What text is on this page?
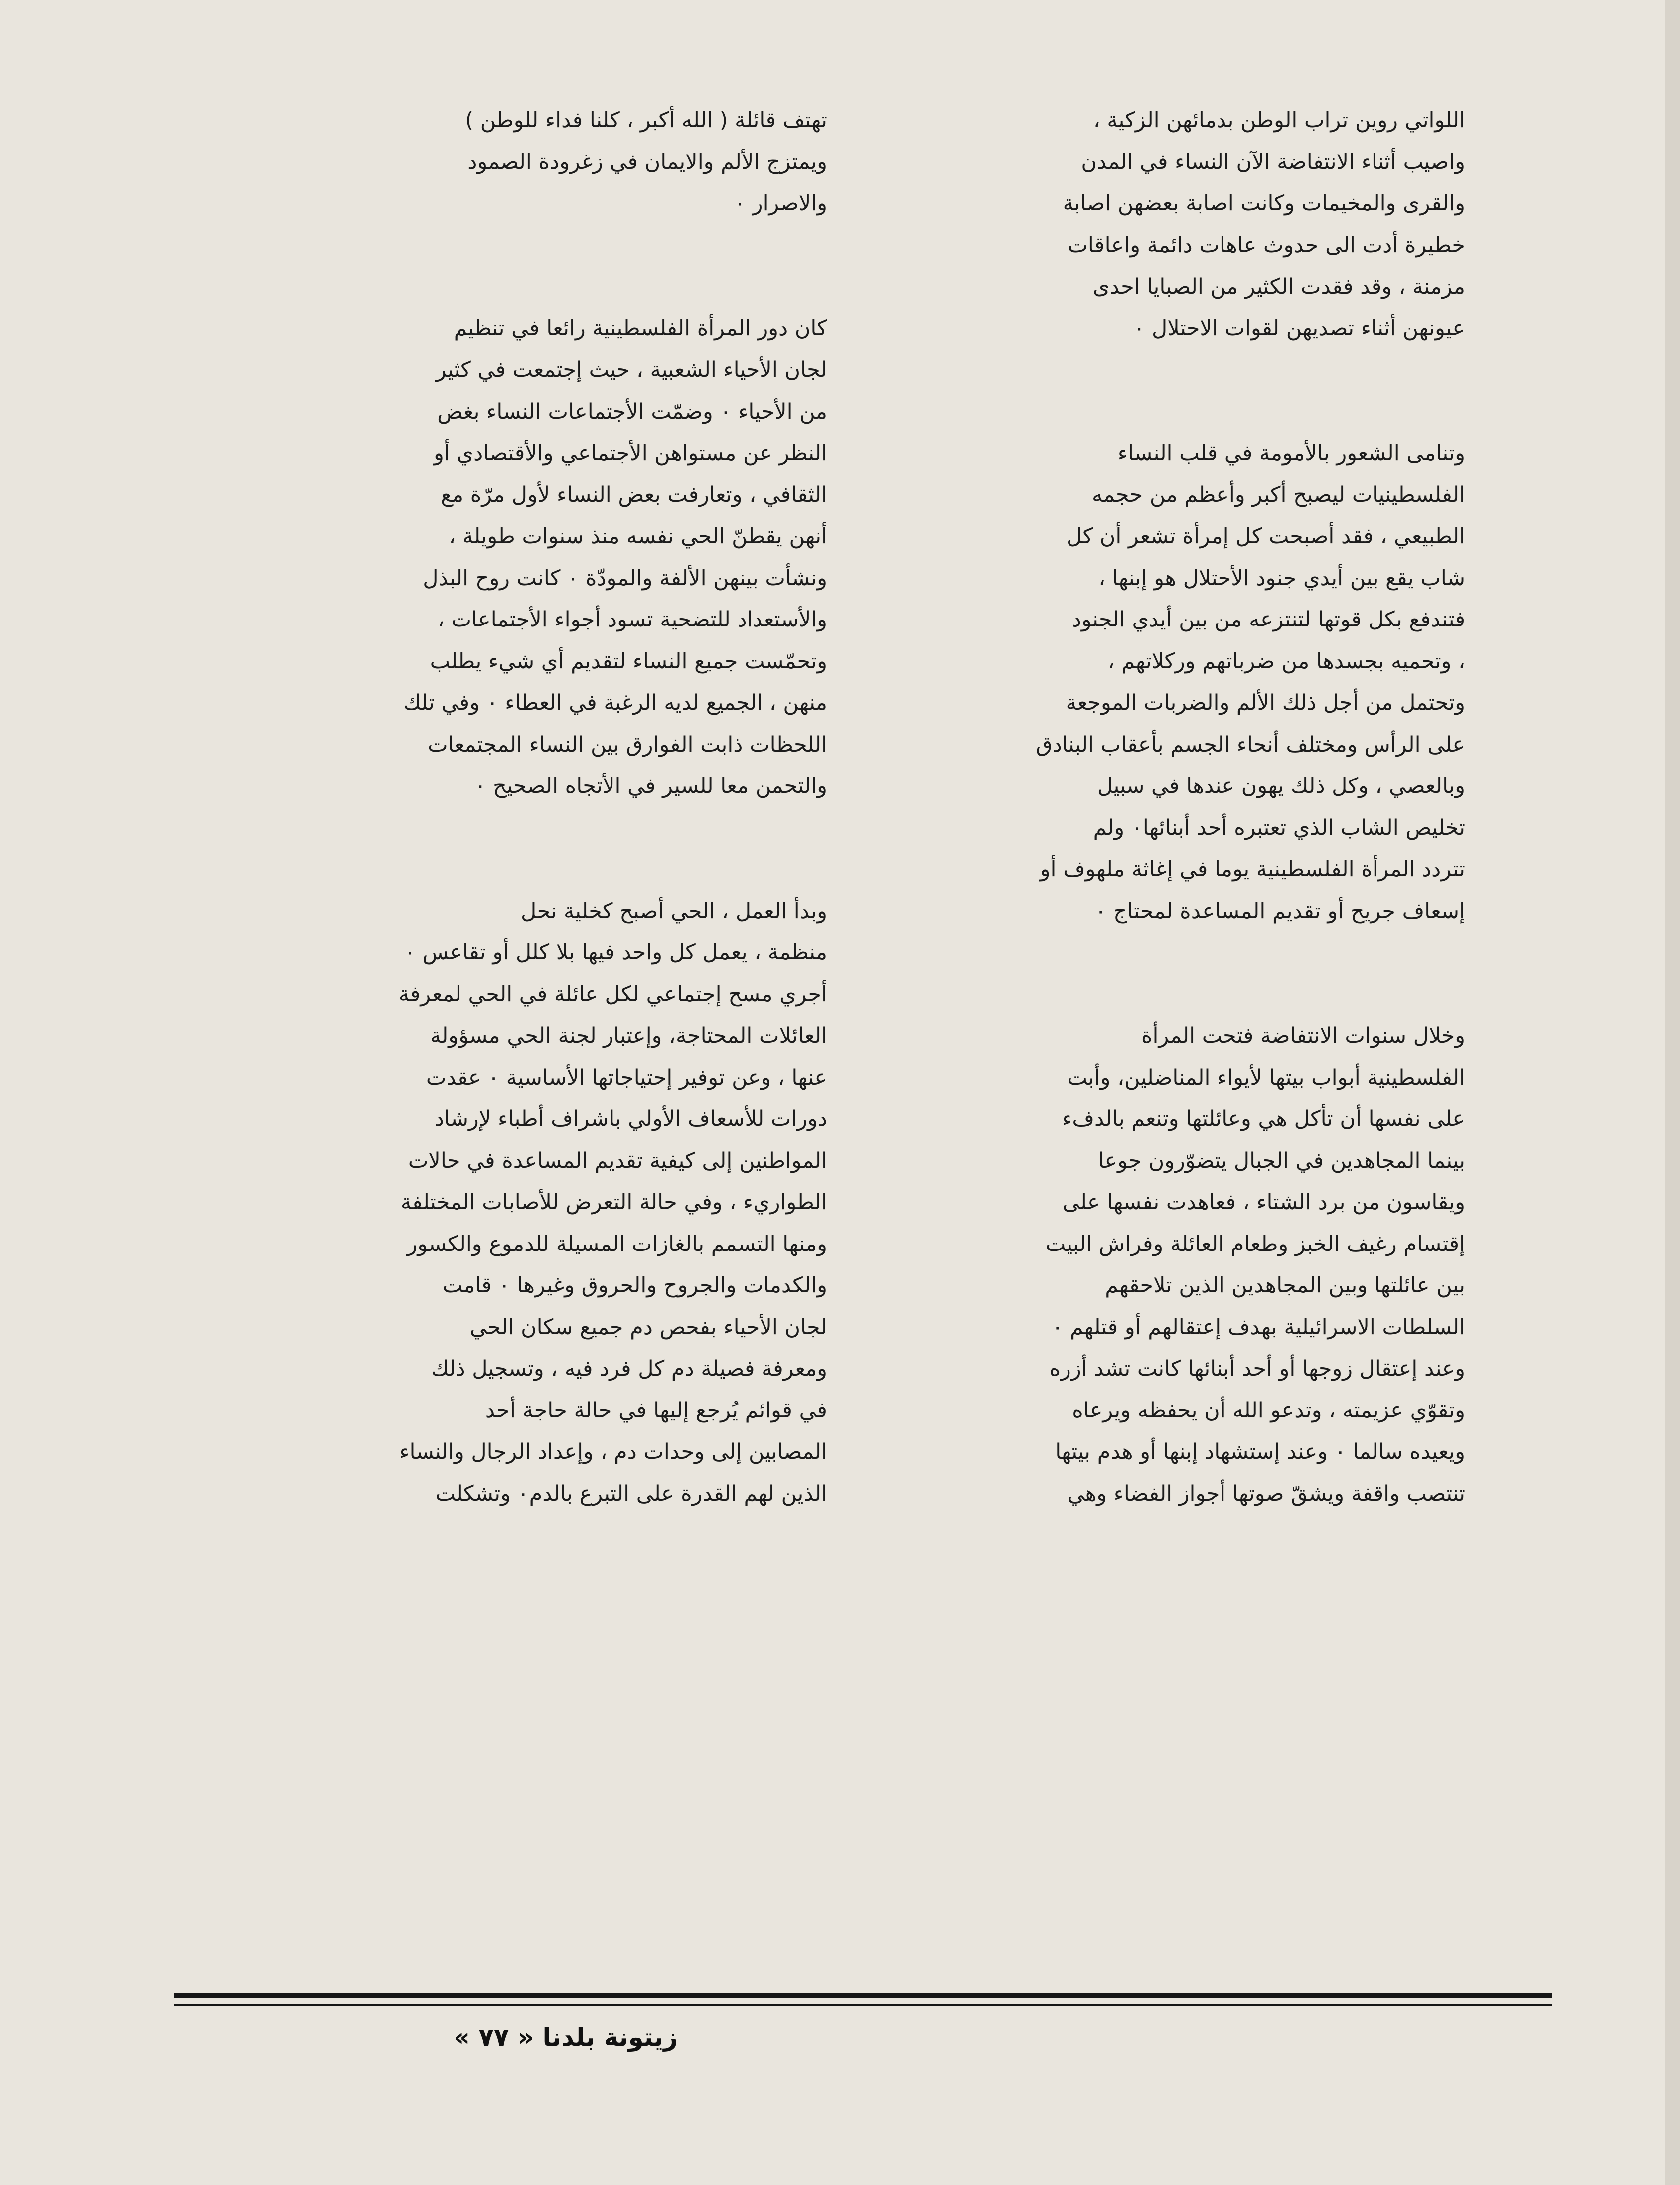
اللواتي روين تراب الوطن بدمائهن الزكية ،
واصيب أثناء الانتفاضة الآن النساء في المدن
والقرى والمخيمات وكانت اصابة بعضهن اصابة
خطيرة أدت الى حدوث عاهات دائمة واعاقات
مزمنة ، وقد فقدت الكثير من الصبايا احدى
عيونهن أثناء تصديهن لقوات الاحتلال ٠

وتنامى الشعور بالأمومة في قلب النساء
الفلسطينيات ليصبح أكبر وأعظم من حجمه
الطبيعي ، فقد أصبحت كل إمرأة تشعر أن كل
شاب يقع بين أيدي جنود الأحتلال هو إبنها ،
فتندفع بكل قوتها لتنتزعه من بين أيدي الجنود
، وتحميه بجسدها من ضرباتهم وركلاتهم ،
وتحتمل من أجل ذلك الألم والضربات الموجعة
على الرأس ومختلف أنحاء الجسم بأعقاب البنادق
وبالعصي ، وكل ذلك يهون عندها في سبيل
تخليص الشاب الذي تعتبره أحد أبنائها٠ ولم
تتردد المرأة الفلسطينية يوما في إغاثة ملهوف أو
إسعاف جريح أو تقديم المساعدة لمحتاج ٠

وخلال سنوات الانتفاضة فتحت المرأة
الفلسطينية أبواب بيتها لأيواء المناضلين، وأبت
على نفسها أن تأكل هي وعائلتها وتنعم بالدفء
بينما المجاهدين في الجبال يتضوّرون جوعا
ويقاسون من برد الشتاء ، فعاهدت نفسها على
إقتسام رغيف الخبز وطعام العائلة وفراش البيت
بين عائلتها وبين المجاهدين الذين تلاحقهم
السلطات الاسرائيلية بهدف إعتقالهم أو قتلهم ٠
وعند إعتقال زوجها أو أحد أبنائها كانت تشد أزره
وتقوّي عزيمته ، وتدعو الله أن يحفظه ويرعاه
ويعيده سالما ٠ وعند إستشهاد إبنها أو هدم بيتها
تنتصب واقفة ويشقّ صوتها أجواز الفضاء وهي

تهتف قائلة ( الله أكبر ، كلنا فداء للوطن )
ويمتزج الألم والايمان في زغرودة الصمود
والاصرار ٠

كان دور المرأة الفلسطينية رائعا في تنظيم
لجان الأحياء الشعبية ، حيث إجتمعت في كثير
من الأحياء ٠ وضمّت الأجتماعات النساء بغض
النظر عن مستواهن الأجتماعي والأقتصادي أو
الثقافي ، وتعارفت بعض النساء لأول مرّة مع
أنهن يقطنّ الحي نفسه منذ سنوات طويلة ،
ونشأت بينهن الألفة والمودّة ٠ كانت روح البذل
والأستعداد للتضحية تسود أجواء الأجتماعات ،
وتحمّست جميع النساء لتقديم أي شيء يطلب
منهن ، الجميع لديه الرغبة في العطاء ٠ وفي تلك
اللحظات ذابت الفوارق بين النساء المجتمعات
والتحمن معا للسير في الأتجاه الصحيح ٠

وبدأ العمل ، الحي أصبح كخلية نحل
منظمة ، يعمل كل واحد فيها بلا كلل أو تقاعس ٠
أجري مسح إجتماعي لكل عائلة في الحي لمعرفة
العائلات المحتاجة، وإعتبار لجنة الحي مسؤولة
عنها ، وعن توفير إحتياجاتها الأساسية ٠ عقدت
دورات للأسعاف الأولي باشراف أطباء لإرشاد
المواطنين إلى كيفية تقديم المساعدة في حالات
الطواريء ، وفي حالة التعرض للأصابات المختلفة
ومنها التسمم بالغازات المسيلة للدموع والكسور
والكدمات والجروح والحروق وغيرها ٠ قامت
لجان الأحياء بفحص دم جميع سكان الحي
ومعرفة فصيلة دم كل فرد فيه ، وتسجيل ذلك
في قوائم يُرجع إليها في حالة حاجة أحد
المصابين إلى وحدات دم ، وإعداد الرجال والنساء
الذين لهم القدرة على التبرع بالدم٠ وتشكلت

زيتونة بلدنا « ٧٧ »
